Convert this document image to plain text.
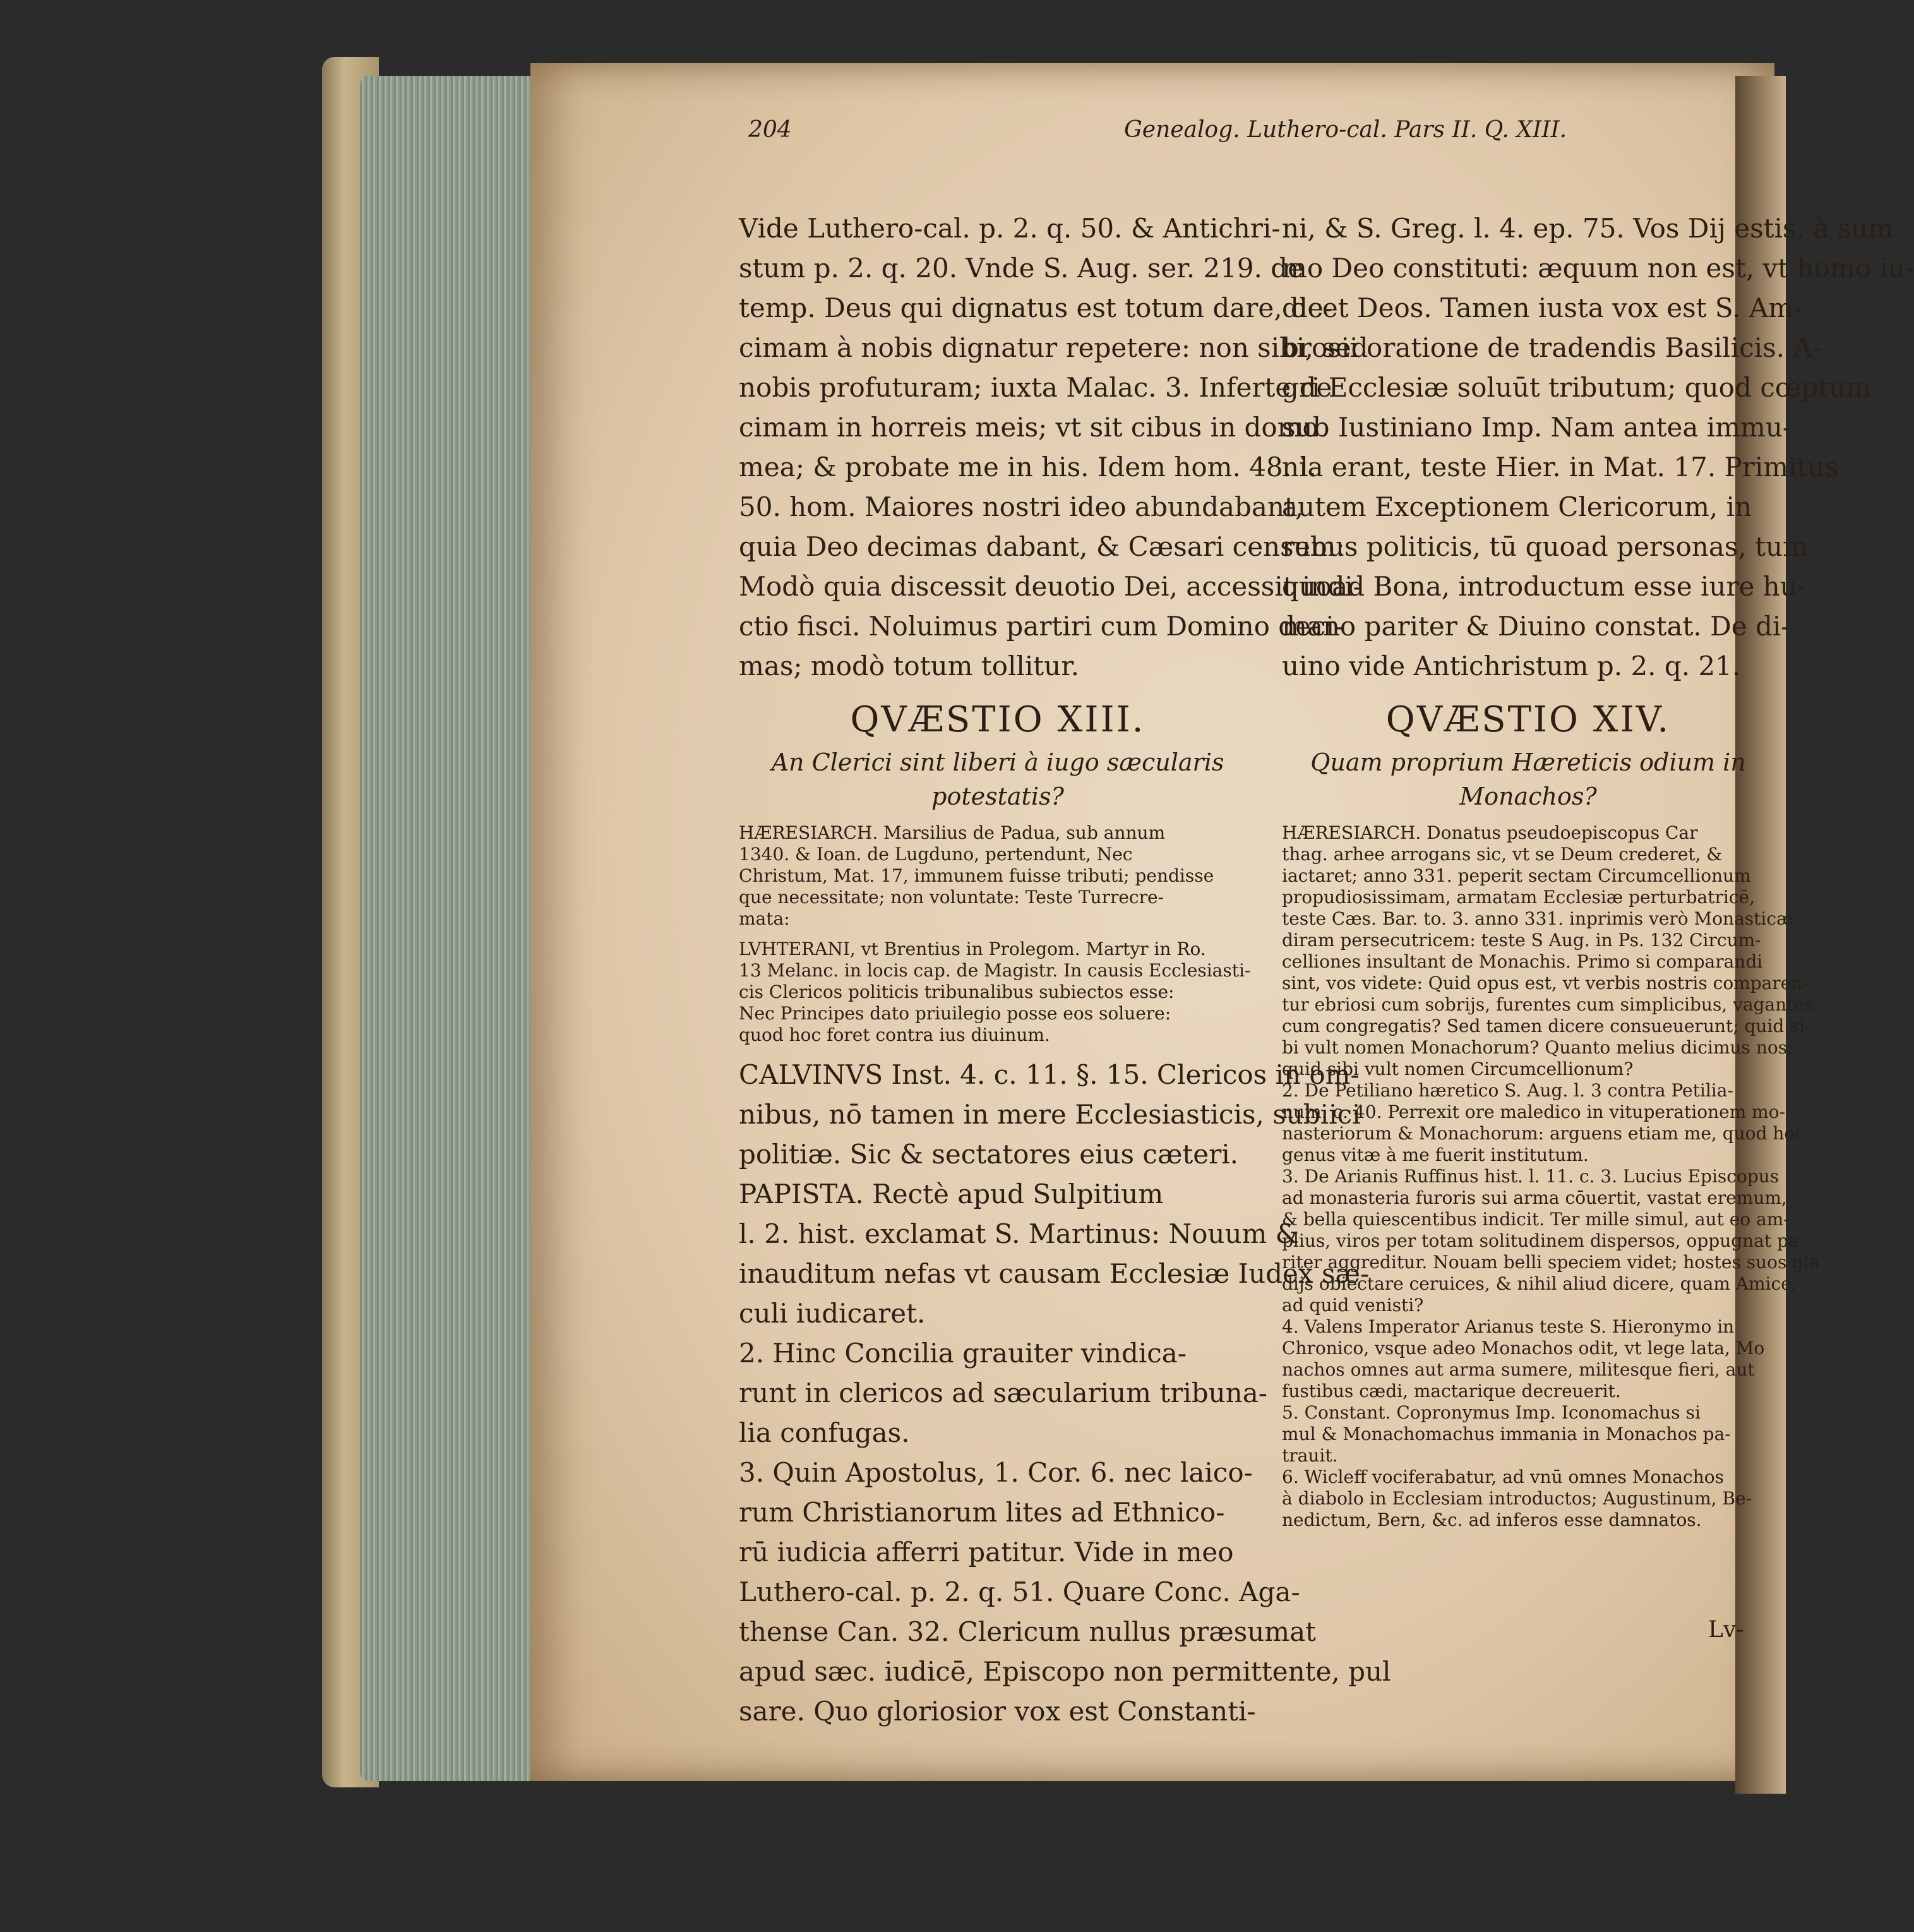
204	Genealog. Luthero-cal. Pars II. Q. XIII.
Vide Luthero-cal. p. 2. q. 50. & Antichri-
stum p. 2. q. 20. Vnde S. Aug. ser. 219. de
temp. Deus qui dignatus est totum dare, de-
cimam à nobis dignatur repetere: non sibi, sed
nobis profuturam; iuxta Malac. 3. Inferte de
cimam in horreis meis; vt sit cibus in domo
mea; & probate me in his. Idem hom. 48. l.
50. hom. Maiores nostri ideo abundabant,
quia Deo decimas dabant, & Cæsari censum:
Modò quia discessit deuotio Dei, accessit indi-
ctio fisci. Noluimus partiri cum Domino deci-
mas; modò totum tollitur.
QVÆSTIO XIII.
An Clerici sint liberi à iugo sæcularis
potestatis?
HÆRESIARCH. Marsilius de Padua, sub annum
1340. & Ioan. de Lugduno, pertendunt, Nec
Christum, Mat. 17, immunem fuisse tributi; pendisse
que necessitate; non voluntate: Teste Turrecre-
mata:
LVHTERANI, vt Brentius in Prolegom. Martyr in Ro.
13 Melanc. in locis cap. de Magistr. In causis Ecclesiasti-
cis Clericos politicis tribunalibus subiectos esse:
Nec Principes dato priuilegio posse eos soluere:
quod hoc foret contra ius diuinum.
CALVINVS Inst. 4. c. 11. §. 15. Clericos in om-
nibus, nō tamen in mere Ecclesiasticis, subiici
politiæ. Sic & sectatores eius cæteri.
PAPISTA. Rectè apud Sulpitium
l. 2. hist. exclamat S. Martinus: Nouum &
inauditum nefas vt causam Ecclesiæ Iudex sæ-
culi iudicaret.
2. Hinc Concilia grauiter vindica-
runt in clericos ad sæcularium tribuna-
lia confugas.
3. Quin Apostolus, 1. Cor. 6. nec laico-
rum Christianorum lites ad Ethnico-
rū iudicia afferri patitur. Vide in meo
Luthero-cal. p. 2. q. 51. Quare Conc. Aga-
thense Can. 32. Clericum nullus præsumat
apud sæc. iudicē, Episcopo non permittente, pul
sare. Quo gloriosior vox est Constanti-
ni, & S. Greg. l. 4. ep. 75. Vos Dij estis, à sum
mo Deo constituti: æquum non est, vt homo iu-
dicet Deos. Tamen iusta vox est S. Am-
brosii oratione de tradendis Basilicis. A-
gri Ecclesiæ soluūt tributum; quod cœptum
sub Iustiniano Imp. Nam antea immu-
nia erant, teste Hier. in Mat. 17. Primitus
autem Exceptionem Clericorum, in
rebus politicis, tū quoad personas, tum
quoad Bona, introductum esse iure hu-
mano pariter & Diuino constat. De di-
uino vide Antichristum p. 2. q. 21.
QVÆSTIO XIV.
Quam proprium Hæreticis odium in
Monachos?
HÆRESIARCH. Donatus pseudoepiscopus Car
thag. arhee arrogans sic, vt se Deum crederet, &
iactaret; anno 331. peperit sectam Circumcellionum
propudiosissimam, armatam Ecclesiæ perturbatricē,
teste Cæs. Bar. to. 3. anno 331. inprimis verò Monasticæ
diram persecutricem: teste S Aug. in Ps. 132 Circum-
celliones insultant de Monachis. Primo si comparandi
sint, vos videte: Quid opus est, vt verbis nostris comparen-
tur ebriosi cum sobrijs, furentes cum simplicibus, vagantes
cum congregatis? Sed tamen dicere consueuerunt; quid si-
bi vult nomen Monachorum? Quanto melius dicimus nos;
quid sibi vult nomen Circumcellionum?
2. De Petiliano hæretico S. Aug. l. 3 contra Petilia-
num. c. 40. Perrexit ore maledico in vituperationem mo-
nasteriorum & Monachorum: arguens etiam me, quod hoc
genus vitæ à me fuerit institutum.
3. De Arianis Ruffinus hist. l. 11. c. 3. Lucius Episcopus
ad monasteria furoris sui arma cōuertit, vastat eremum,
& bella quiescentibus indicit. Ter mille simul, aut eo am-
plius, viros per totam solitudinem dispersos, oppugnat pa-
riter aggreditur. Nouam belli speciem videt; hostes suos gla
dijs obiectare ceruices, & nihil aliud dicere, quam Amice,
ad quid venisti?
4. Valens Imperator Arianus teste S. Hieronymo in
Chronico, vsque adeo Monachos odit, vt lege lata, Mo
nachos omnes aut arma sumere, militesque fieri, aut
fustibus cædi, mactarique decreuerit.
5. Constant. Copronymus Imp. Iconomachus si
mul & Monachomachus immania in Monachos pa-
trauit.
6. Wicleff vociferabatur, ad vnū omnes Monachos
à diabolo in Ecclesiam introductos; Augustinum, Be-
nedictum, Bern, &c. ad inferos esse damnatos.
Lv-
